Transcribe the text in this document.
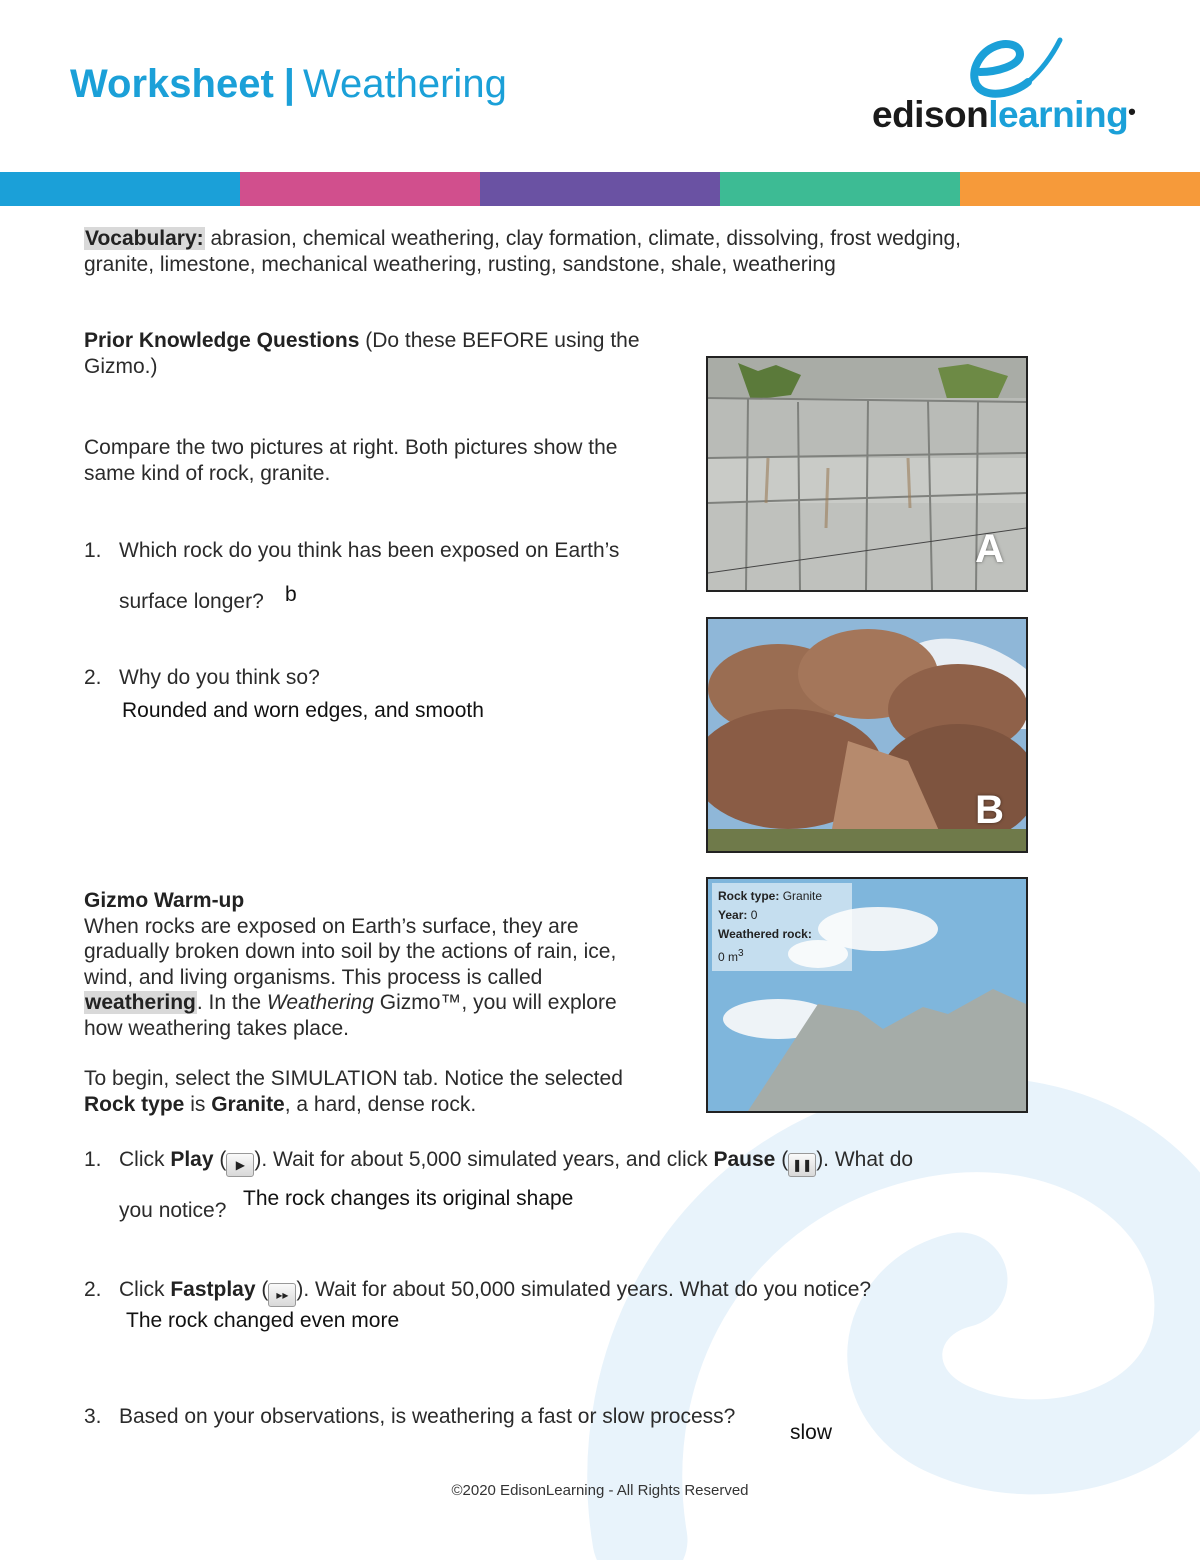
Worksheet | Weathering
edisonlearning•
Vocabulary: abrasion, chemical weathering, clay formation, climate, dissolving, frost wedging,
granite, limestone, mechanical weathering, rusting, sandstone, shale, weathering
Prior Knowledge Questions (Do these BEFORE using the
Gizmo.)
Compare the two pictures at right. Both pictures show the
same kind of rock, granite.
1. Which rock do you think has been exposed on Earth’s
surface longer? b
2. Why do you think so?
Rounded and worn edges, and smooth
A
B
Rock type: Granite
Year: 0
Weathered rock:
0 $m^3$
Gizmo Warm-up
When rocks are exposed on Earth’s surface, they are
gradually broken down into soil by the actions of rain, ice,
wind, and living organisms. This process is called
weathering. In the Weathering Gizmo™, you will explore
how weathering takes place.
To begin, select the SIMULATION tab. Notice the selected
Rock type is Granite, a hard, dense rock.
1. Click Play ( ▶ ). Wait for about 5,000 simulated years, and click Pause ( ❚❚ ). What do
you notice?
The rock changes its original shape
2. Click Fastplay ( ▸▸ ). Wait for about 50,000 simulated years. What do you notice?
The rock changed even more
3. Based on your observations, is weathering a fast or slow process?
slow
©2020 EdisonLearning - All Rights Reserved
